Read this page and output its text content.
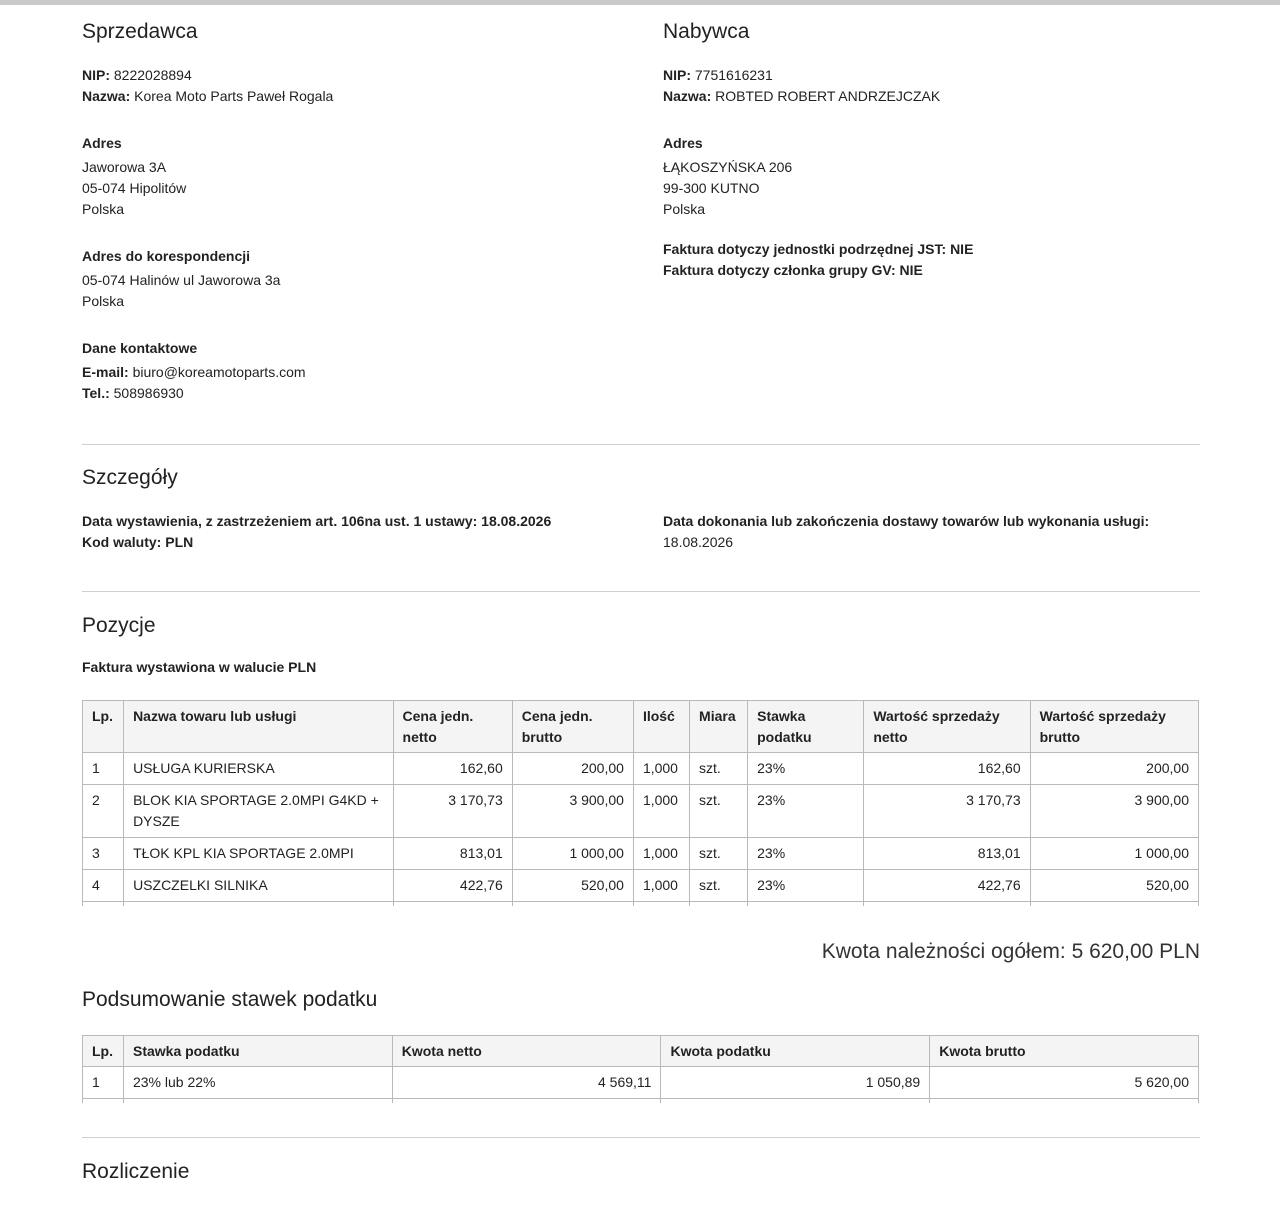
Sprzedawca
NIP: 8222028894
Nazwa: Korea Moto Parts Paweł Rogala
Adres
Jaworowa 3A
05-074 Hipolitów
Polska
Adres do korespondencji
05-074 Halinów ul Jaworowa 3a
Polska
Dane kontaktowe
E-mail: biuro@koreamotoparts.com
Tel.: 508986930
Nabywca
NIP: 7751616231
Nazwa: ROBTED ROBERT ANDRZEJCZAK
Adres
ŁĄKOSZYŃSKA 206
99-300 KUTNO
Polska
Faktura dotyczy jednostki podrzędnej JST: NIE
Faktura dotyczy członka grupy GV: NIE
Szczegóły
Data wystawienia, z zastrzeżeniem art. 106na ust. 1 ustawy: 18.08.2026
Kod waluty: PLN
Data dokonania lub zakończenia dostawy towarów lub wykonania usługi:
18.08.2026
Pozycje
Faktura wystawiona w walucie PLN
Lp.	Nazwa towaru lub usługi	Cena jedn. netto	Cena jedn. brutto	Ilość	Miara	Stawka podatku	Wartość sprzedaży netto	Wartość sprzedaży brutto
1	USŁUGA KURIERSKA	162,60	200,00	1,000	szt.	23%	162,60	200,00
2	BLOK KIA SPORTAGE 2.0MPI G4KD + DYSZE	3 170,73	3 900,00	1,000	szt.	23%	3 170,73	3 900,00
3	TŁOK KPL KIA SPORTAGE 2.0MPI	813,01	1 000,00	1,000	szt.	23%	813,01	1 000,00
4	USZCZELKI SILNIKA	422,76	520,00	1,000	szt.	23%	422,76	520,00

Kwota należności ogółem: 5 620,00 PLN
Podsumowanie stawek podatku
Lp.	Stawka podatku	Kwota netto	Kwota podatku	Kwota brutto
1	23% lub 22%	4 569,11	1 050,89	5 620,00

Rozliczenie
